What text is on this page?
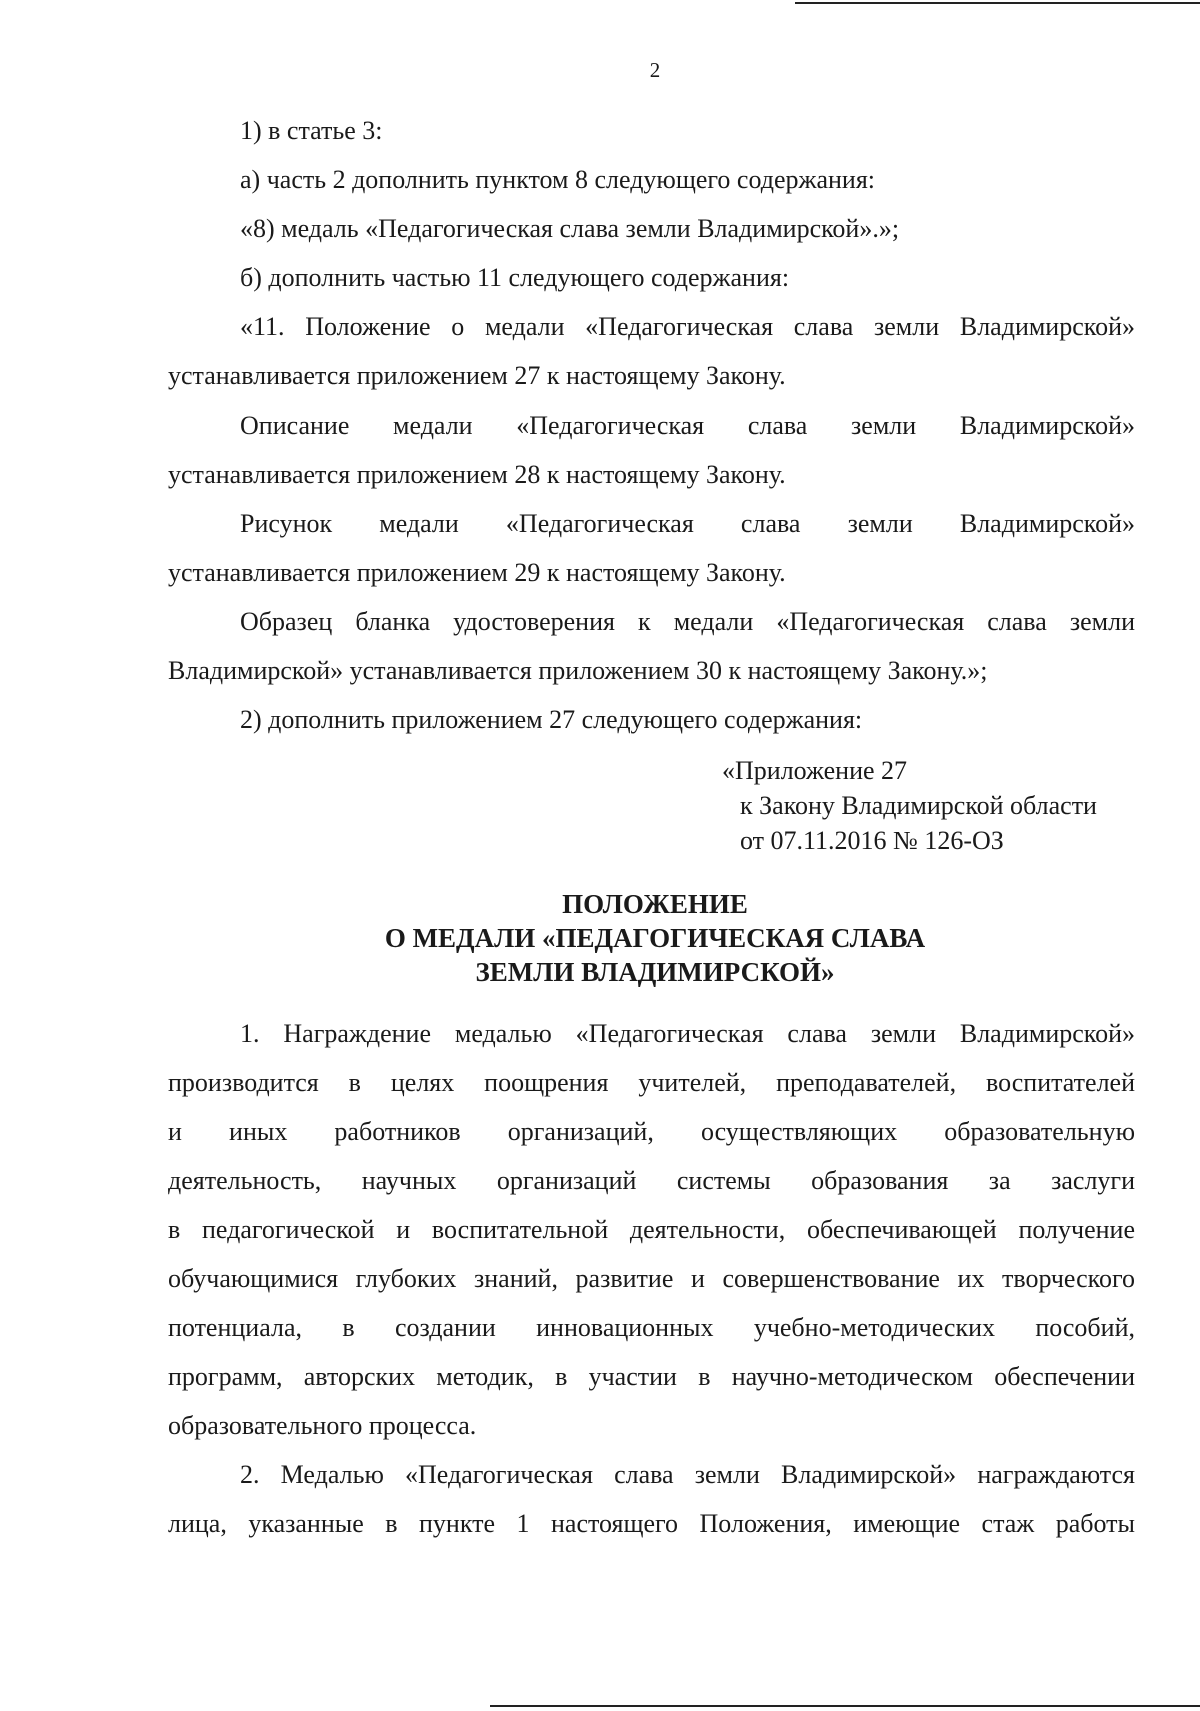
2
1) в статье 3:
а) часть 2 дополнить пунктом 8 следующего содержания:
«8) медаль «Педагогическая слава земли Владимирской».»;
б) дополнить частью 11 следующего содержания:
«11. Положение о медали «Педагогическая слава земли Владимирской»
устанавливается приложением 27 к настоящему Закону.
Описание медали «Педагогическая слава земли Владимирской»
устанавливается приложением 28 к настоящему Закону.
Рисунок медали «Педагогическая слава земли Владимирской»
устанавливается приложением 29 к настоящему Закону.
Образец бланка удостоверения к медали «Педагогическая слава земли
Владимирской» устанавливается приложением 30 к настоящему Закону.»;
2) дополнить приложением 27 следующего содержания:
«Приложение 27
к Закону Владимирской области
от 07.11.2016 № 126-ОЗ
ПОЛОЖЕНИЕ
О МЕДАЛИ «ПЕДАГОГИЧЕСКАЯ СЛАВА
ЗЕМЛИ ВЛАДИМИРСКОЙ»
1. Награждение медалью «Педагогическая слава земли Владимирской»
производится в целях поощрения учителей, преподавателей, воспитателей
и иных работников организаций, осуществляющих образовательную
деятельность, научных организаций системы образования за заслуги
в педагогической и воспитательной деятельности, обеспечивающей получение
обучающимися глубоких знаний, развитие и совершенствование их творческого
потенциала, в создании инновационных учебно-методических пособий,
программ, авторских методик, в участии в научно-методическом обеспечении
образовательного процесса.
2. Медалью «Педагогическая слава земли Владимирской» награждаются
лица, указанные в пункте 1 настоящего Положения, имеющие стаж работы
